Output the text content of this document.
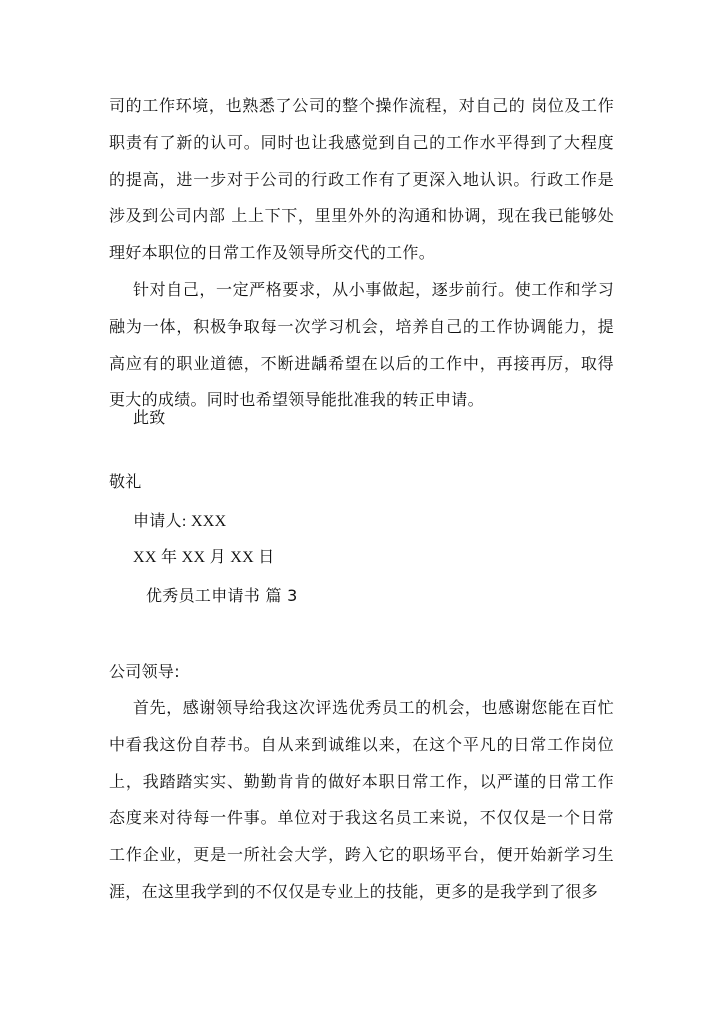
司的工作环境，也熟悉了公司的整个操作流程，对自己的 岗位及工作职责有了新的认可。同时也让我感觉到自己的工作水平得到了大程度的提高，进一步对于公司的行政工作有了更深入地认识。行政工作是涉及到公司内部 上上下下，里里外外的沟通和协调，现在我已能够处理好本职位的日常工作及领导所交代的工作。

针对自己，一定严格要求，从小事做起，逐步前行。使工作和学习融为一体，积极争取每一次学习机会，培养自己的工作协调能力，提高应有的职业道德，不断进龋希望在以后的工作中，再接再厉，取得更大的成绩。同时也希望领导能批准我的转正申请。

此致

敬礼

申请人: XXX

XX 年 XX 月 XX 日

优秀员工申请书 篇 3

公司领导:

首先，感谢领导给我这次评选优秀员工的机会，也感谢您能在百忙中看我这份自荐书。自从来到诚维以来，在这个平凡的日常工作岗位上，我踏踏实实、勤勤肯肯的做好本职日常工作，以严谨的日常工作态度来对待每一件事。单位对于我这名员工来说，不仅仅是一个日常工作企业，更是一所社会大学，跨入它的职场平台，便开始新学习生涯，在这里我学到的不仅仅是专业上的技能，更多的是我学到了很多
